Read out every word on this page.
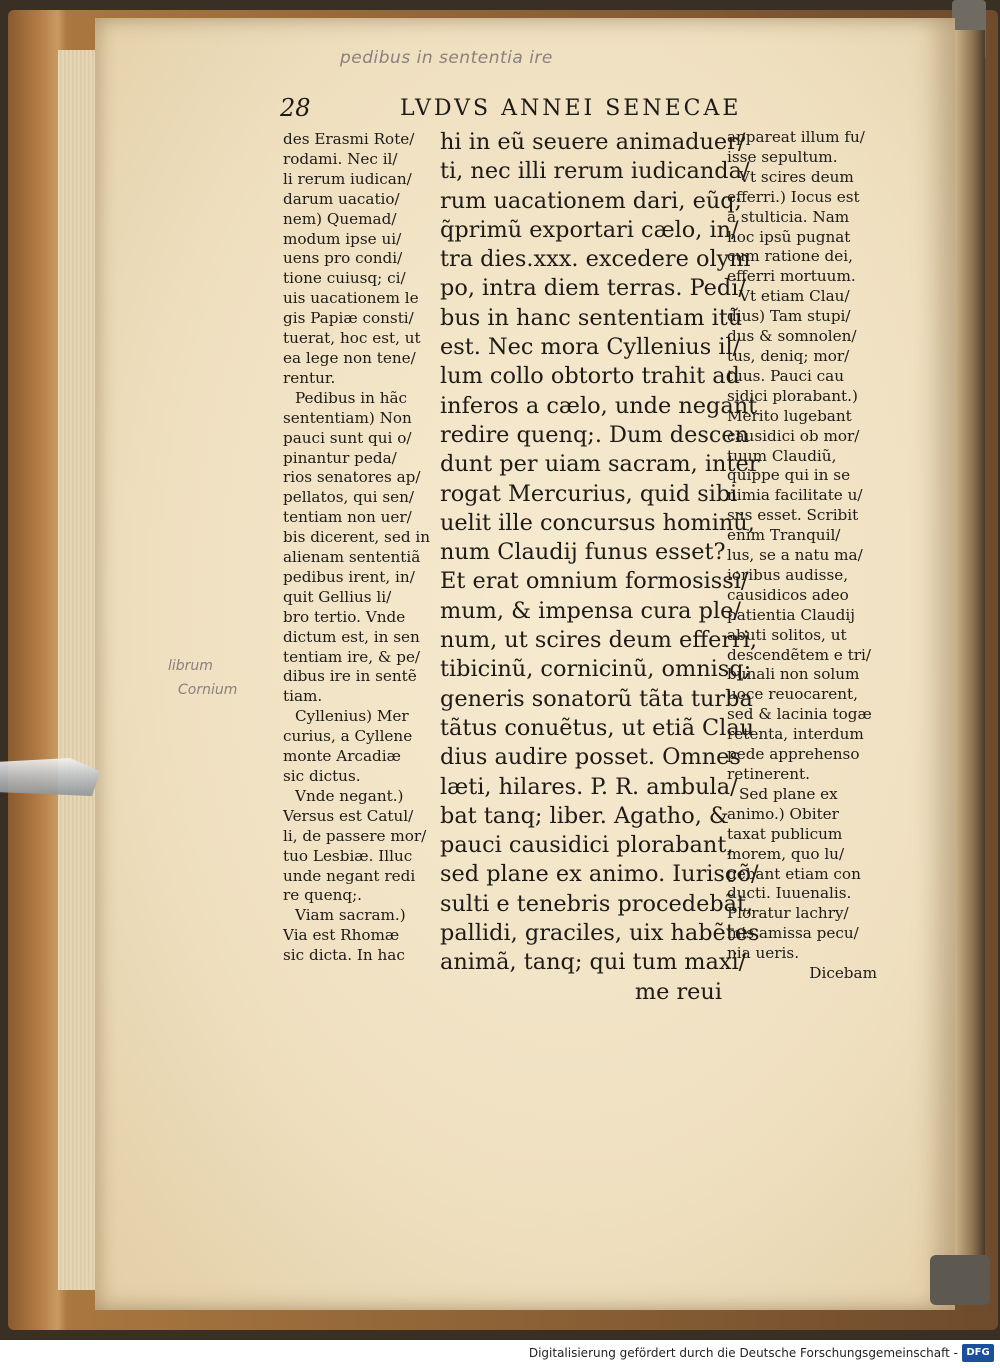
pedibus in sententia ire
librum
Cornium
28	LVDVS ANNEI SENECAE
des Erasmi Rote/
rodami. Nec il/
li rerum iudican/
darum uacatio/
nem) Quemad/
modum ipse ui/
uens pro condi/
tione cuiusq; ci/
uis uacationem le
gis Papiæ consti/
tuerat, hoc est, ut
ea lege non tene/
rentur.
Pedibus in hãc
sententiam) Non
pauci sunt qui o/
pinantur peda/
rios senatores ap/
pellatos, qui sen/
tentiam non uer/
bis dicerent, sed in
alienam sententiã
pedibus irent, in/
quit Gellius li/
bro tertio. Vnde
dictum est, in sen
tentiam ire, & pe/
dibus ire in sentẽ
tiam.
Cyllenius) Mer
curius, a Cyllene
monte Arcadiæ
sic dictus.
Vnde negant.)
Versus est Catul/
li, de passere mor/
tuo Lesbiæ. Illuc
unde negant redi
re quenq;.
Viam sacram.)
Via est Rhomæ
sic dicta. In hac
hi in eũ seuere animaduer/
ti, nec illi rerum iudicanda/
rum uacationem dari, eũq;
q̃primũ exportari cælo, in/
tra dies.xxx. excedere olym
po, intra diem terras. Pedi/
bus in hanc sententiam itũ
est. Nec mora Cyllenius il/
lum collo obtorto trahit ad
inferos a cælo, unde negant
redire quenq;. Dum descen
dunt per uiam sacram, inter
rogat Mercurius, quid sibi
uelit ille concursus hominũ,
num Claudij funus esset?
Et erat omnium formosissi/
mum, & impensa cura ple/
num, ut scires deum efferri,
tibicinũ, cornicinũ, omnisq;
generis sonatorũ tãta turba
tãtus conuẽtus, ut etiã Clau
dius audire posset. Omnes
læti, hilares. P. R. ambula/
bat tanq; liber. Agatho, &
pauci causidici plorabant,
sed plane ex animo. Iuriscõ/
sulti e tenebris procedebãt,
pallidi, graciles, uix habẽtes
animã, tanq; qui tum maxi/
me reui
appareat illum fu/
isse sepultum.
Vt scires deum
efferri.) Iocus est
a stulticia. Nam
hoc ipsũ pugnat
cum ratione dei,
efferri mortuum.
Vt etiam Clau/
dius) Tam stupi/
dus & somnolen/
tus, deniq; mor/
tuus. Pauci cau
sidici plorabant.)
Merito lugebant
causidici ob mor/
tuum Claudiũ,
quippe qui in se
nimia facilitate u/
sus esset. Scribit
enim Tranquil/
lus, se a natu ma/
ioribus audisse,
causidicos adeo
patientia Claudij
abuti solitos, ut
descendẽtem e tri/
bunali non solum
uoce reuocarent,
sed & lacinia togæ
retenta, interdum
pede apprehenso
retinerent.
Sed plane ex
animo.) Obiter
taxat publicum
morem, quo lu/
gebant etiam con
ducti. Iuuenalis.
Ploratur lachry/
mis amissa pecu/
nia ueris.
Dicebam
Digitalisierung gefördert durch die Deutsche Forschungsgemeinschaft - DFG
